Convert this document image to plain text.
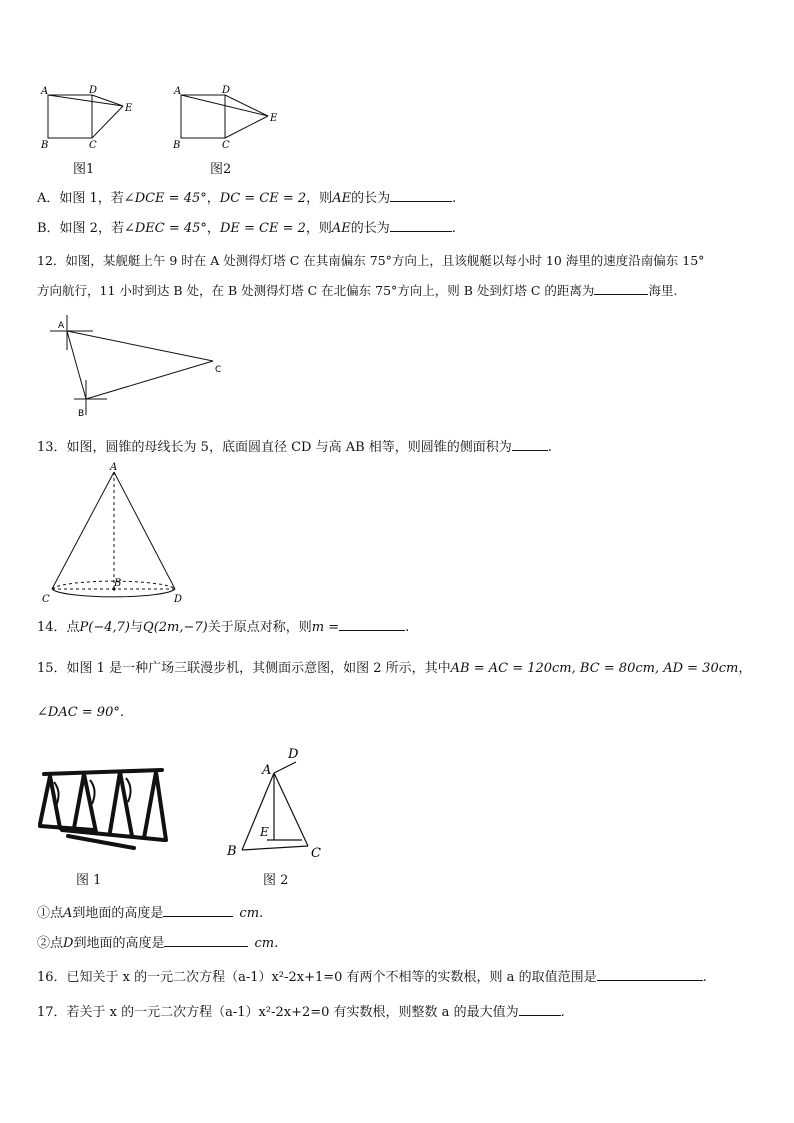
A	D
E
B	C
图1
A	D
E
B	C
图2
A．如图 1，若∠DCE = 45°，DC = CE = 2，则AE的长为	.
B．如图 2，若∠DEC = 45°，DE = CE = 2，则AE的长为	.
12．如图，某舰艇上午 9 时在 A 处测得灯塔 C 在其南偏东 75°方向上，且该舰艇以每小时 10 海里的速度沿南偏东 15°
方向航行，11 小时到达 B 处，在 B 处测得灯塔 C 在北偏东 75°方向上，则 B 处到灯塔 C 的距离为	海里.
A
B
C
13．如图，圆锥的母线长为 5，底面圆直径 CD 与高 AB 相等，则圆锥的侧面积为	.
A
B
C	D
14．点P(−4,7)与Q(2m,−7)关于原点对称，则m =	.
15．如图 1 是一种广场三联漫步机，其侧面示意图，如图 2 所示，其中AB = AC = 120cm, BC = 80cm, AD = 30cm，
∠DAC = 90°.
图 1
D
A
E
B	C
图 2
①点A到地面的高度是	cm.
②点D到地面的高度是	cm.
16．已知关于 x 的一元二次方程（a-1）x²-2x+1=0 有两个不相等的实数根，则 a 的取值范围是	.
17．若关于 x 的一元二次方程（a-1）x²-2x+2=0 有实数根，则整数 a 的最大值为	.
